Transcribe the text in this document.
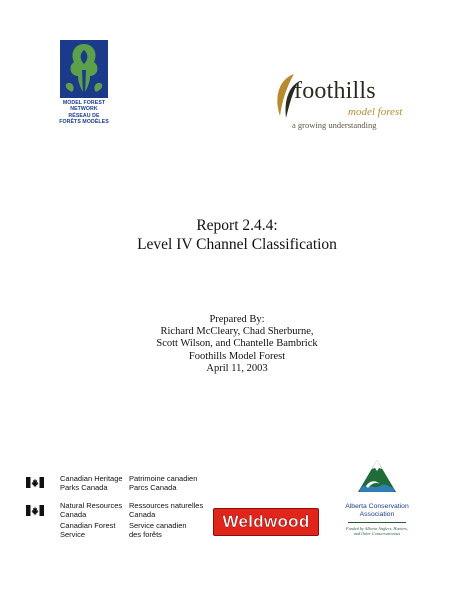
MODEL FOREST
NETWORK
RÉSEAU DE
FORÊTS MODÈLES
foothills
model forest
a growing understanding
Report 2.4.4:
Level IV Channel Classification
Prepared By:
Richard McCleary, Chad Sherburne,
Scott Wilson, and Chantelle Bambrick
Foothills Model Forest
April 11, 2003
Canadian Heritage
Parks Canada
Patrimoine canadien
Parcs Canada
Natural Resources
Canada
Ressources naturelles
Canada
Canadian Forest
Service
Service canadien
des forêts
Weldwood
Alberta Conservation
Association
Funded by Alberta Anglers, Hunters,
and Other Conservationists
